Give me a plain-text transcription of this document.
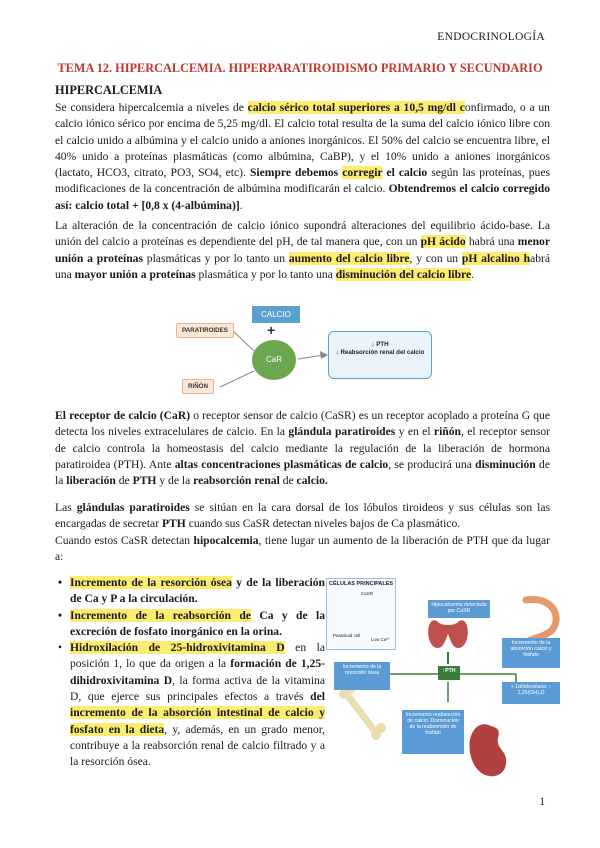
ENDOCRINOLOGÍA
TEMA 12. HIPERCALCEMIA. HIPERPARATIROIDISMO PRIMARIO Y SECUNDARIO
HIPERCALCEMIA
Se considera hipercalcemia a niveles de calcio sérico total superiores a 10,5 mg/dl confirmado, o a un calcio iónico sérico por encima de 5,25 mg/dl. El calcio total resulta de la suma del calcio iónico libre con el calcio unido a albúmina y el calcio unido a aniones inorgánicos. El 50% del calcio se encuentra libre, el 40% unido a proteínas plasmáticas (como albúmina, CaBP), y el 10% unido a aniones inorgánicos (lactato, HCO3, citrato, PO3, SO4, etc). Siempre debemos corregir el calcio según las proteínas, pues modificaciones de la concentración de albúmina modificarán el calcio. Obtendremos el calcio corregido así: calcio total + [0,8 x (4-albúmina)].
La alteración de la concentración de calcio iónico supondrá alteraciones del equilibrio ácido-base. La unión del calcio a proteínas es dependiente del pH, de tal manera que, con un pH ácido habrá una menor unión a proteínas plasmáticas y por lo tanto un aumento del calcio libre, y con un pH alcalino habrá una mayor unión a proteínas plasmática y por lo tanto una disminución del calcio libre.
PARATIROIDES
RIÑÓN
CALCIO
+
CaR
↓ PTH
↓ Reabsorción renal del calcio
El receptor de calcio (CaR) o receptor sensor de calcio (CaSR) es un receptor acoplado a proteína G que detecta los niveles extracelulares de calcio. En la glándula paratiroides y en el riñón, el receptor sensor de calcio controla la homeostasis del calcio mediante la regulación de la liberación de hormona paratiroidea (PTH). Ante altas concentraciones plasmáticas de calcio, se producirá una disminución de la liberación de PTH y de la reabsorción renal de calcio.
Las glándulas paratiroides se sitúan en la cara dorsal de los lóbulos tiroideos y sus células son las encargadas de secretar PTH cuando sus CaSR detectan niveles bajos de Ca plasmático.
Cuando estos CaSR detectan hipocalcemia, tiene lugar un aumento de la liberación de PTH que da lugar a:
• Incremento de la resorción ósea y de la liberación de Ca y P a la circulación.
• Incremento de la reabsorción de Ca y de la excreción de fosfato inorgánico en la orina.
• Hidroxilación de 25-hidroxivitamina D en la posición 1, lo que da origen a la formación de 1,25-dihidroxivitamina D, la forma activa de la vitamina D, que ejerce sus principales efectos a través del incremento de la absorción intestinal de calcio y fosfato en la dieta, y, además, en un grado menor, contribuye a la reabsorción renal de calcio filtrado y a la resorción ósea.
CÉLULAS PRINCIPALES
CaSR
Paratiroid cell
Low Ca²⁺
Hipocalcemia detectada por CaSR
↑PTH
Incremento de la resorción ósea
Incremento de la absorción calcio y fosfato
+ 1αhidroxilasa: ↑ 1,25(OH)₂D
Incremento reabsorción de calcio. Disminución de la reabsorción de fosfato
1
